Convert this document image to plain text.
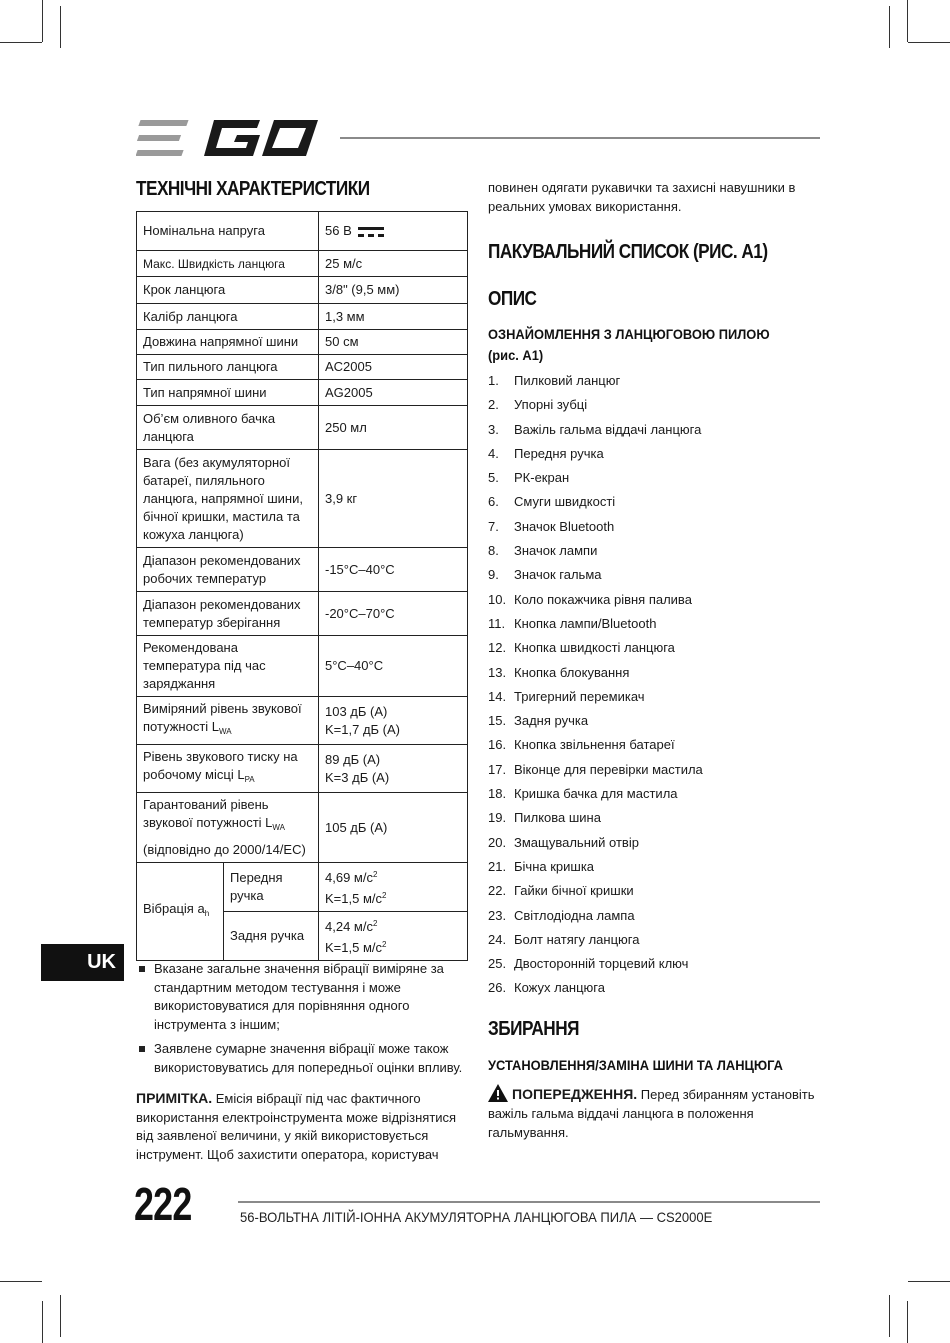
ТЕХНІЧНІ ХАРАКТЕРИСТИКИ
Номінальна напруга		56 В
Макс. Швидкість ланцюга		25 м/с
Крок ланцюга		3/8" (9,5 мм)
Калібр ланцюга		1,3 мм
Довжина напрямної шини		50 см
Тип пильного ланцюга		AC2005
Тип напрямної шини		AG2005
Об’єм оливного бачка ланцюга		250 мл
Вага (без акумуляторної батареї, пиляльного ланцюга, напрямної шини, бічної кришки, мастила та кожуха ланцюга)		3,9 кг
Діапазон рекомендованих робочих температур		-15°C–40°C
Діапазон рекомендованих температур зберігання		-20°C–70°C
Рекомендована температура під час заряджання		5°C–40°C
Виміряний рівень звукової потужності $L_{WA}$		103 дБ (A)
K=1,7 дБ (A)

Рівень звукового тиску на робочому місці $L_{PA}$		89 дБ (A)
K=3 дБ (A)

Гарантований рівень звукової потужності $L_{WA}$
(відповідно до 2000/14/EC)		105 дБ (A)
Вібрація $a_h$	Передня ручка	4,69 $м/с^2$
K=1,5 $м/с^2$

	Задня ручка	4,24 $м/с^2$
K=1,5 $м/с^2$
UK	Вказане загальне значення вібрації виміряне за стандартним методом тестування і може використовуватися для порівняння одного інструмента з іншим;
Заявлене сумарне значення вібрації може також використовуватись для попередньої оцінки впливу.
ПРИМІТКА. Емісія вібрації під час фактичного використання електроінструмента може відрізнятися від заявленої величини, у якій використовується інструмент. Щоб захистити оператора, користувач
повинен одягати рукавички та захисні навушники в реальних умовах використання.
ПАКУВАЛЬНИЙ СПИСОК (РИС. A1)
ОПИС
ОЗНАЙОМЛЕННЯ З ЛАНЦЮГОВОЮ ПИЛОЮ (рис. A1)
1.	Пилковий ланцюг
2.	Упорні зубці
3.	Важіль гальма віддачі ланцюга
4.	Передня ручка
5.	РК-екран
6.	Смуги швидкості
7.	Значок Bluetooth
8.	Значок лампи
9.	Значок гальма
10. Коло покажчика рівня палива
11. Кнопка лампи/Bluetooth
12. Кнопка швидкості ланцюга
13. Кнопка блокування
14. Тригерний перемикач
15. Задня ручка
16. Кнопка звільнення батареї
17. Віконце для перевірки мастила
18. Кришка бачка для мастила
19. Пилкова шина
20. Змащувальний отвір
21. Бічна кришка
22. Гайки бічної кришки
23. Світлодіодна лампа
24. Болт натягу ланцюга
25. Двосторонній торцевий ключ
26. Кожух ланцюга
ЗБИРАННЯ
УСТАНОВЛЕННЯ/ЗАМІНА ШИНИ ТА ЛАНЦЮГА
ПОПЕРЕДЖЕННЯ. Перед збиранням установіть важіль гальма віддачі ланцюга в положення гальмування.
222	56-ВОЛЬТНА ЛІТІЙ-ІОННА АКУМУЛЯТОРНА ЛАНЦЮГОВА ПИЛА — CS2000E
